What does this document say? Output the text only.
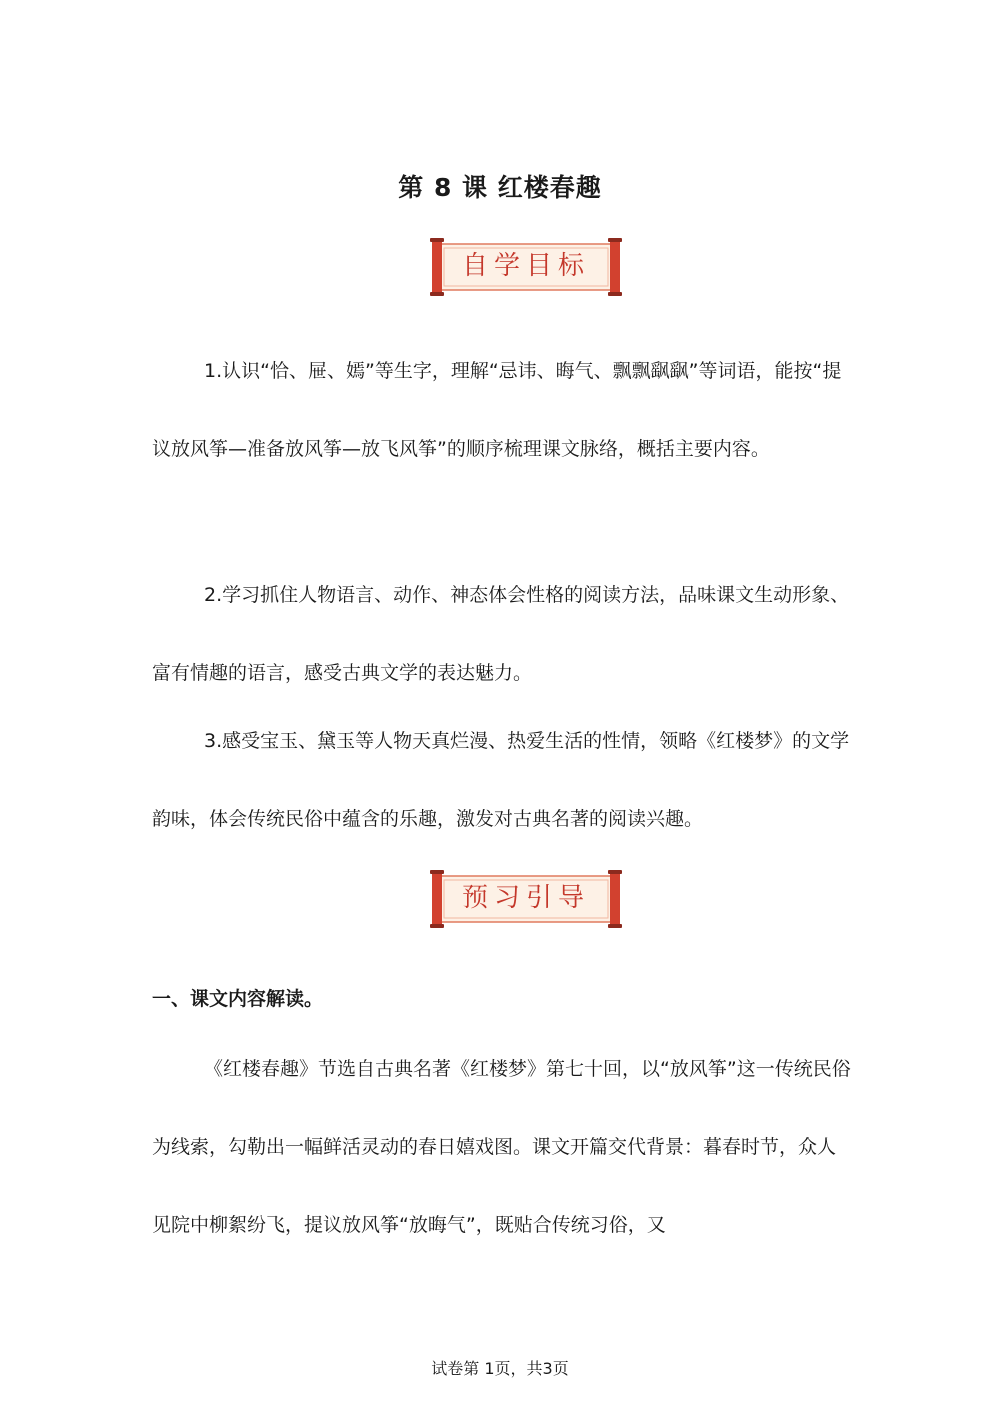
第 8 课 红楼春趣
自学目标

1.认识“恰、屉、嫣”等生字，理解“忌讳、晦气、飘飘飖飖”等词语，能按“提议放风筝—准备放风筝—放飞风筝”的顺序梳理课文脉络，概括主要内容。

2.学习抓住人物语言、动作、神态体会性格的阅读方法，品味课文生动形象、富有情趣的语言，感受古典文学的表达魅力。

3.感受宝玉、黛玉等人物天真烂漫、热爱生活的性情，领略《红楼梦》的文学韵味，体会传统民俗中蕴含的乐趣，激发对古典名著的阅读兴趣。

预习引导
一、课文内容解读。

《红楼春趣》节选自古典名著《红楼梦》第七十回，以“放风筝”这一传统民俗为线索，勾勒出一幅鲜活灵动的春日嬉戏图。课文开篇交代背景：暮春时节，众人见院中柳絮纷飞，提议放风筝“放晦气”，既贴合传统习俗，又

试卷第 1页，共3页
